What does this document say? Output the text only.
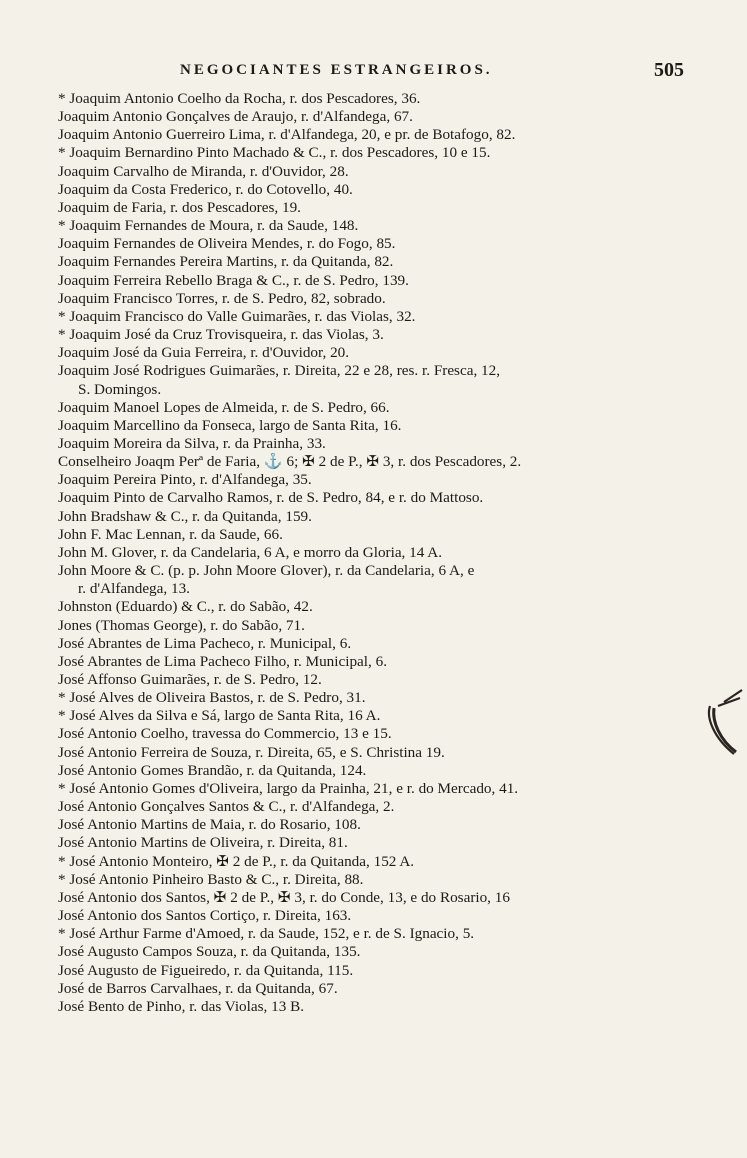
NEGOCIANTES ESTRANGEIROS.	505

* Joaquim Antonio Coelho da Rocha, r. dos Pescadores, 36.

Joaquim Antonio Gonçalves de Araujo, r. d'Alfandega, 67.

Joaquim Antonio Guerreiro Lima, r. d'Alfandega, 20, e pr. de Botafogo, 82.

* Joaquim Bernardino Pinto Machado & C., r. dos Pescadores, 10 e 15.

Joaquim Carvalho de Miranda, r. d'Ouvidor, 28.

Joaquim da Costa Frederico, r. do Cotovello, 40.

Joaquim de Faria, r. dos Pescadores, 19.

* Joaquim Fernandes de Moura, r. da Saude, 148.

Joaquim Fernandes de Oliveira Mendes, r. do Fogo, 85.

Joaquim Fernandes Pereira Martins, r. da Quitanda, 82.

Joaquim Ferreira Rebello Braga & C., r. de S. Pedro, 139.

Joaquim Francisco Torres, r. de S. Pedro, 82, sobrado.

* Joaquim Francisco do Valle Guimarães, r. das Violas, 32.

* Joaquim José da Cruz Trovisqueira, r. das Violas, 3.

Joaquim José da Guia Ferreira, r. d'Ouvidor, 20.

Joaquim José Rodrigues Guimarães, r. Direita, 22 e 28, res. r. Fresca, 12,

S. Domingos.

Joaquim Manoel Lopes de Almeida, r. de S. Pedro, 66.

Joaquim Marcellino da Fonseca, largo de Santa Rita, 16.

Joaquim Moreira da Silva, r. da Prainha, 33.

Conselheiro Joaqm Perª de Faria, ⚓ 6; ✠ 2 de P., ✠ 3, r. dos Pescadores, 2.

Joaquim Pereira Pinto, r. d'Alfandega, 35.

Joaquim Pinto de Carvalho Ramos, r. de S. Pedro, 84, e r. do Mattoso.

John Bradshaw & C., r. da Quitanda, 159.

John F. Mac Lennan, r. da Saude, 66.

John M. Glover, r. da Candelaria, 6 A, e morro da Gloria, 14 A.

John Moore & C. (p. p. John Moore Glover), r. da Candelaria, 6 A, e

r. d'Alfandega, 13.

Johnston (Eduardo) & C., r. do Sabão, 42.

Jones (Thomas George), r. do Sabão, 71.

José Abrantes de Lima Pacheco, r. Municipal, 6.

José Abrantes de Lima Pacheco Filho, r. Municipal, 6.

José Affonso Guimarães, r. de S. Pedro, 12.

* José Alves de Oliveira Bastos, r. de S. Pedro, 31.

* José Alves da Silva e Sá, largo de Santa Rita, 16 A.

José Antonio Coelho, travessa do Commercio, 13 e 15.

José Antonio Ferreira de Souza, r. Direita, 65, e S. Christina 19.

José Antonio Gomes Brandão, r. da Quitanda, 124.

* José Antonio Gomes d'Oliveira, largo da Prainha, 21, e r. do Mercado, 41.

José Antonio Gonçalves Santos & C., r. d'Alfandega, 2.

José Antonio Martins de Maia, r. do Rosario, 108.

José Antonio Martins de Oliveira, r. Direita, 81.

* José Antonio Monteiro, ✠ 2 de P., r. da Quitanda, 152 A.

* José Antonio Pinheiro Basto & C., r. Direita, 88.

José Antonio dos Santos, ✠ 2 de P., ✠ 3, r. do Conde, 13, e do Rosario, 16

José Antonio dos Santos Cortiço, r. Direita, 163.

* José Arthur Farme d'Amoed, r. da Saude, 152, e r. de S. Ignacio, 5.

José Augusto Campos Souza, r. da Quitanda, 135.

José Augusto de Figueiredo, r. da Quitanda, 115.

José de Barros Carvalhaes, r. da Quitanda, 67.

José Bento de Pinho, r. das Violas, 13 B.
